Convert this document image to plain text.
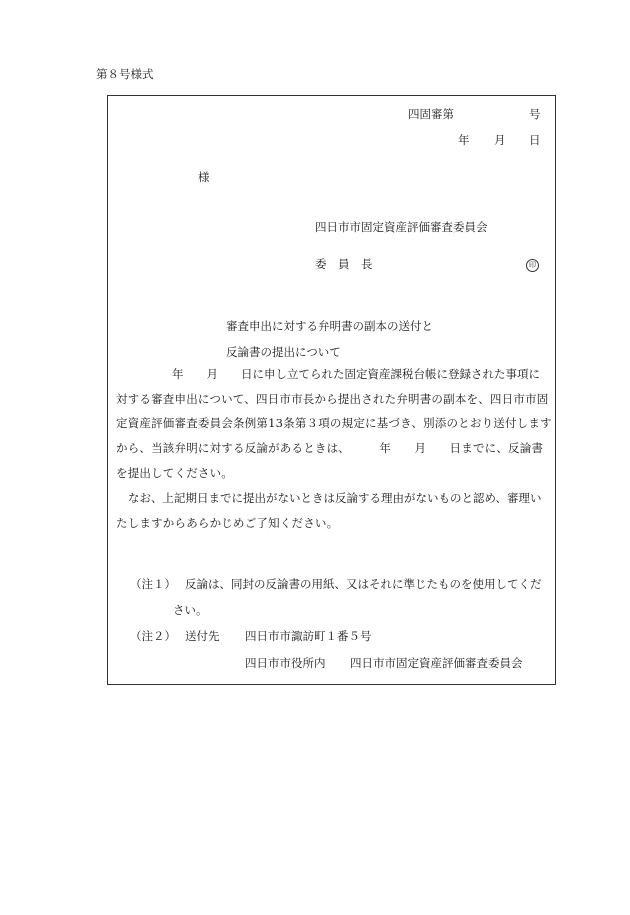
第８号様式
四固審第	号
年 月 日
様
四日市市固定資産評価審査委員会
委　員　長	印
審査申出に対する弁明書の副本の送付と
反論書の提出について
年　　月　　日に申し立てられた固定資産課税台帳に登録された事項に
対する審査申出について、四日市市長から提出された弁明書の副本を、四日市市固
定資産評価審査委員会条例第13条第３項の規定に基づき、別添のとおり送付します
から、当該弁明に対する反論があるときは、　　　年　　月　　日までに、反論書
を提出してください。
なお、上記期日までに提出がないときは反論する理由がないものと認め、審理い
たしますからあらかじめご了知ください。
（注１） 反論は、同封の反論書の用紙、又はそれに準じたものを使用してくだ
さい。
（注２） 送付先 四日市市諏訪町１番５号
四日市市役所内 四日市市固定資産評価審査委員会
